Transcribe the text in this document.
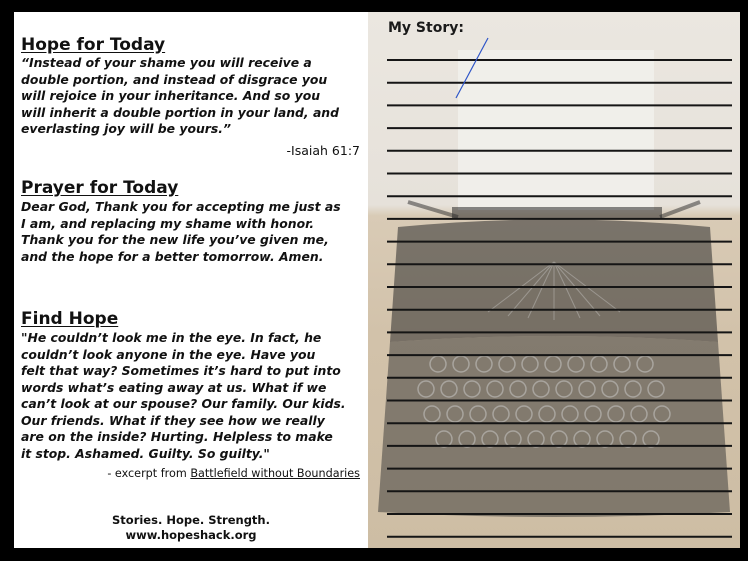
Hope for Today
“Instead of your shame you will receive a
double portion, and instead of disgrace you
will rejoice in your inheritance. And so you
will inherit a double portion in your land, and
everlasting joy will be yours.”
-Isaiah 61:7
Prayer for Today
Dear God, Thank you for accepting me just as
I am, and replacing my shame with honor.
Thank you for the new life you’ve given me,
and the hope for a better tomorrow. Amen.
Find Hope
"He couldn’t look me in the eye. In fact, he
couldn’t look anyone in the eye. Have you
felt that way? Sometimes it’s hard to put into
words what’s eating away at us. What if we
can’t look at our spouse? Our family. Our kids.
Our friends. What if they see how we really
are on the inside? Hurting. Helpless to make
it stop. Ashamed. Guilty. So guilty."
- excerpt from Battlefield without Boundaries
Stories. Hope. Strength.
www.hopeshack.org
My Story:
